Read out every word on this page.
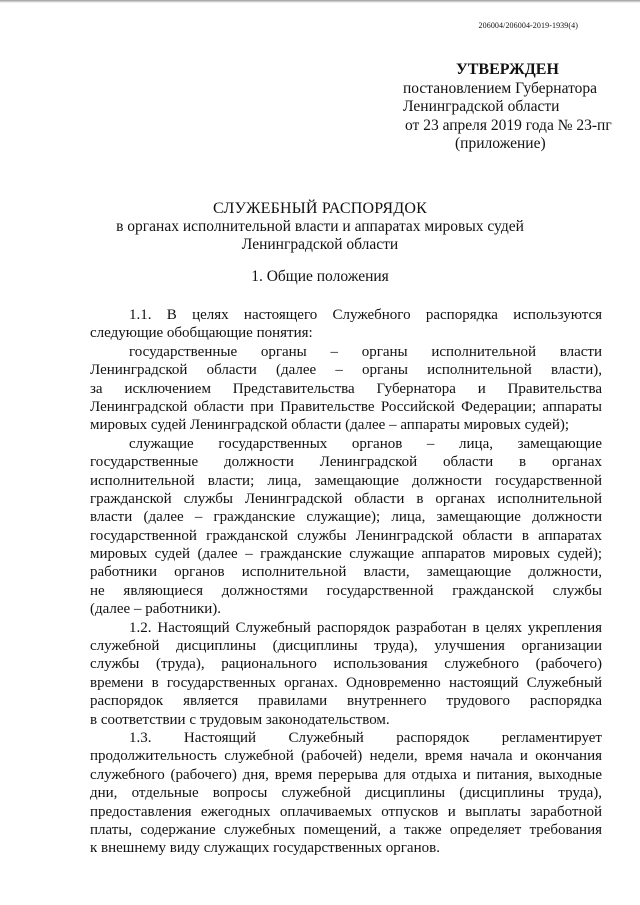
206004/206004-2019-1939(4)
УТВЕРЖДЕН
постановлением Губернатора
Ленинградской области
от 23 апреля 2019 года № 23-пг
(приложение)
СЛУЖЕБНЫЙ РАСПОРЯДОК
в органах исполнительной власти и аппаратах мировых судей
Ленинградской области
1. Общие положения
1.1. В целях настоящего Служебного распорядка используются
следующие обобщающие понятия:
государственные органы – органы исполнительной власти
Ленинградской области (далее – органы исполнительной власти),
за исключением Представительства Губернатора и Правительства
Ленинградской области при Правительстве Российской Федерации; аппараты
мировых судей Ленинградской области (далее – аппараты мировых судей);
служащие государственных органов – лица, замещающие
государственные должности Ленинградской области в органах
исполнительной власти; лица, замещающие должности государственной
гражданской службы Ленинградской области в органах исполнительной
власти (далее – гражданские служащие); лица, замещающие должности
государственной гражданской службы Ленинградской области в аппаратах
мировых судей (далее – гражданские служащие аппаратов мировых судей);
работники органов исполнительной власти, замещающие должности,
не являющиеся должностями государственной гражданской службы
(далее – работники).
1.2. Настоящий Служебный распорядок разработан в целях укрепления
служебной дисциплины (дисциплины труда), улучшения организации
службы (труда), рационального использования служебного (рабочего)
времени в государственных органах. Одновременно настоящий Служебный
распорядок является правилами внутреннего трудового распорядка
в соответствии с трудовым законодательством.
1.3. Настоящий Служебный распорядок регламентирует
продолжительность служебной (рабочей) недели, время начала и окончания
служебного (рабочего) дня, время перерыва для отдыха и питания, выходные
дни, отдельные вопросы служебной дисциплины (дисциплины труда),
предоставления ежегодных оплачиваемых отпусков и выплаты заработной
платы, содержание служебных помещений, а также определяет требования
к внешнему виду служащих государственных органов.
